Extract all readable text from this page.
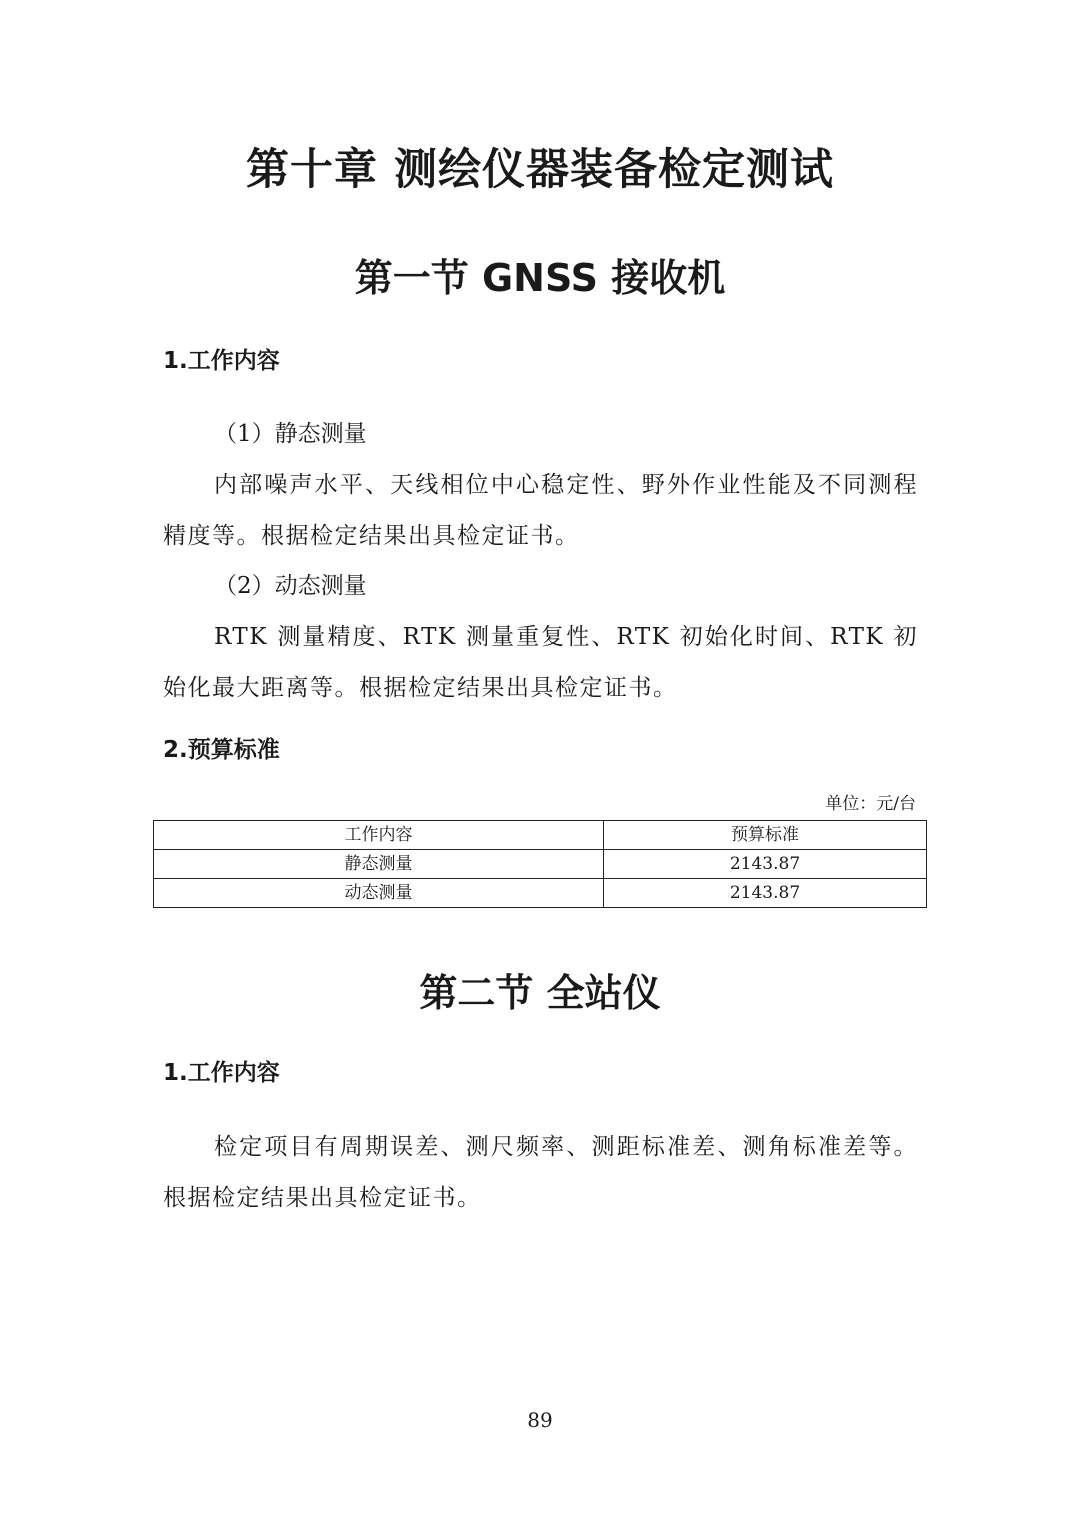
第十章 测绘仪器装备检定测试
第一节 GNSS 接收机
1.工作内容
（1）静态测量

内部噪声水平、天线相位中心稳定性、野外作业性能及不同测程精度等。根据检定结果出具检定证书。

（2）动态测量

RTK 测量精度、RTK 测量重复性、RTK 初始化时间、RTK 初始化最大距离等。根据检定结果出具检定证书。

2.预算标准
单位：元/台
工作内容	预算标准
静态测量	2143.87
动态测量	2143.87
第二节 全站仪
1.工作内容

检定项目有周期误差、测尺频率、测距标准差、测角标准差等。根据检定结果出具检定证书。

89
